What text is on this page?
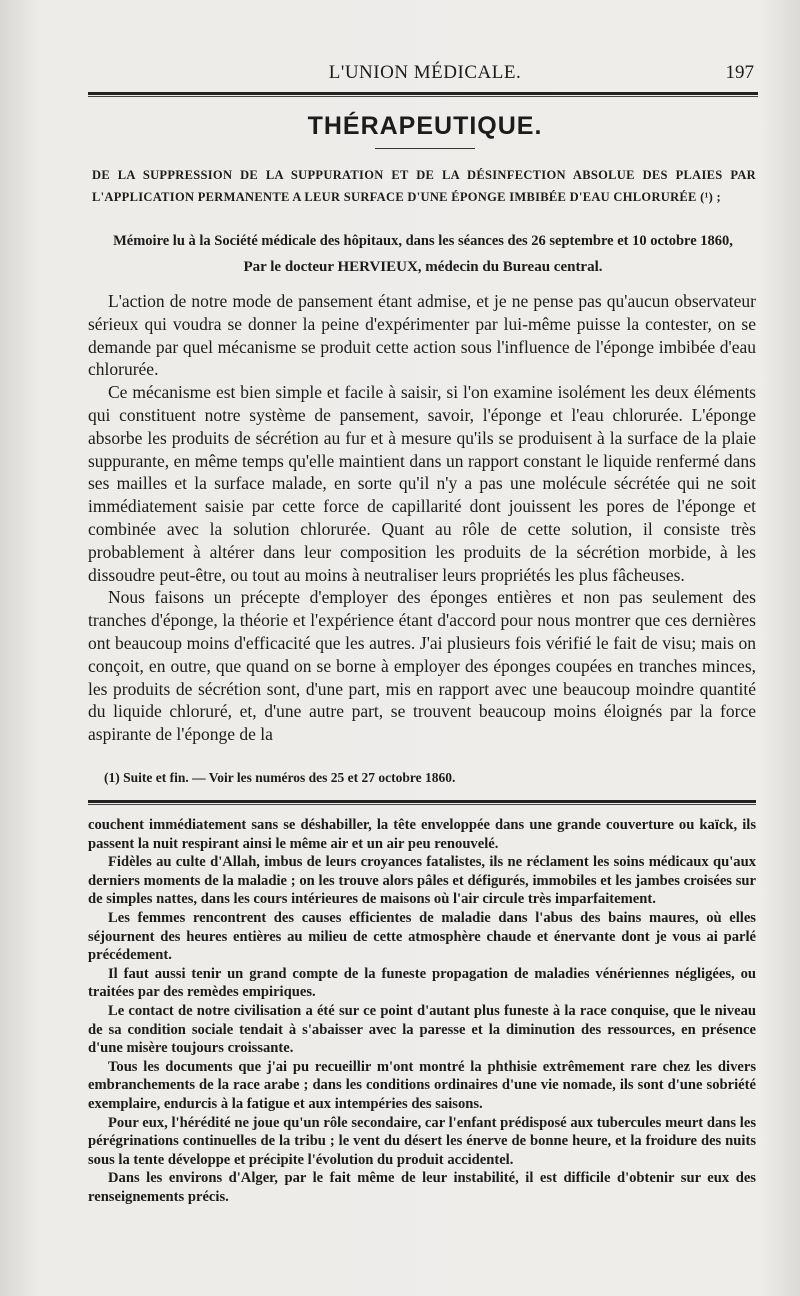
L'UNION MÉDICALE.	197
THÉRAPEUTIQUE.
DE LA SUPPRESSION DE LA SUPPURATION ET DE LA DÉSINFECTION ABSOLUE DES PLAIES PAR L'APPLICATION PERMANENTE A LEUR SURFACE D'UNE ÉPONGE IMBIBÉE D'EAU CHLORURÉE (¹) ;
Mémoire lu à la Société médicale des hôpitaux, dans les séances des 26 septembre et 10 octobre 1860,
Par le docteur HERVIEUX, médecin du Bureau central.

L'action de notre mode de pansement étant admise, et je ne pense pas qu'aucun observateur sérieux qui voudra se donner la peine d'expérimenter par lui-même puisse la contester, on se demande par quel mécanisme se produit cette action sous l'influence de l'éponge imbibée d'eau chlorurée.

Ce mécanisme est bien simple et facile à saisir, si l'on examine isolément les deux éléments qui constituent notre système de pansement, savoir, l'éponge et l'eau chlorurée. L'éponge absorbe les produits de sécrétion au fur et à mesure qu'ils se produisent à la surface de la plaie suppurante, en même temps qu'elle maintient dans un rapport constant le liquide renfermé dans ses mailles et la surface malade, en sorte qu'il n'y a pas une molécule sécrétée qui ne soit immédiatement saisie par cette force de capillarité dont jouissent les pores de l'éponge et combinée avec la solution chlorurée. Quant au rôle de cette solution, il consiste très probablement à altérer dans leur composition les produits de la sécrétion morbide, à les dissoudre peut-être, ou tout au moins à neutraliser leurs propriétés les plus fâcheuses.

Nous faisons un précepte d'employer des éponges entières et non pas seulement des tranches d'éponge, la théorie et l'expérience étant d'accord pour nous montrer que ces dernières ont beaucoup moins d'efficacité que les autres. J'ai plusieurs fois vérifié le fait de visu; mais on conçoit, en outre, que quand on se borne à employer des éponges coupées en tranches minces, les produits de sécrétion sont, d'une part, mis en rapport avec une beaucoup moindre quantité du liquide chloruré, et, d'une autre part, se trouvent beaucoup moins éloignés par la force aspirante de l'éponge de la

(1) Suite et fin. — Voir les numéros des 25 et 27 octobre 1860.

couchent immédiatement sans se déshabiller, la tête enveloppée dans une grande couverture ou kaïck, ils passent la nuit respirant ainsi le même air et un air peu renouvelé.

Fidèles au culte d'Allah, imbus de leurs croyances fatalistes, ils ne réclament les soins médicaux qu'aux derniers moments de la maladie ; on les trouve alors pâles et défigurés, immobiles et les jambes croisées sur de simples nattes, dans les cours intérieures de maisons où l'air circule très imparfaitement.

Les femmes rencontrent des causes efficientes de maladie dans l'abus des bains maures, où elles séjournent des heures entières au milieu de cette atmosphère chaude et énervante dont je vous ai parlé précédement.

Il faut aussi tenir un grand compte de la funeste propagation de maladies vénériennes négligées, ou traitées par des remèdes empiriques.

Le contact de notre civilisation a été sur ce point d'autant plus funeste à la race conquise, que le niveau de sa condition sociale tendait à s'abaisser avec la paresse et la diminution des ressources, en présence d'une misère toujours croissante.

Tous les documents que j'ai pu recueillir m'ont montré la phthisie extrêmement rare chez les divers embranchements de la race arabe ; dans les conditions ordinaires d'une vie nomade, ils sont d'une sobriété exemplaire, endurcis à la fatigue et aux intempéries des saisons.

Pour eux, l'hérédité ne joue qu'un rôle secondaire, car l'enfant prédisposé aux tubercules meurt dans les pérégrinations continuelles de la tribu ; le vent du désert les énerve de bonne heure, et la froidure des nuits sous la tente développe et précipite l'évolution du produit accidentel.

Dans les environs d'Alger, par le fait même de leur instabilité, il est difficile d'obtenir sur eux des renseignements précis.
